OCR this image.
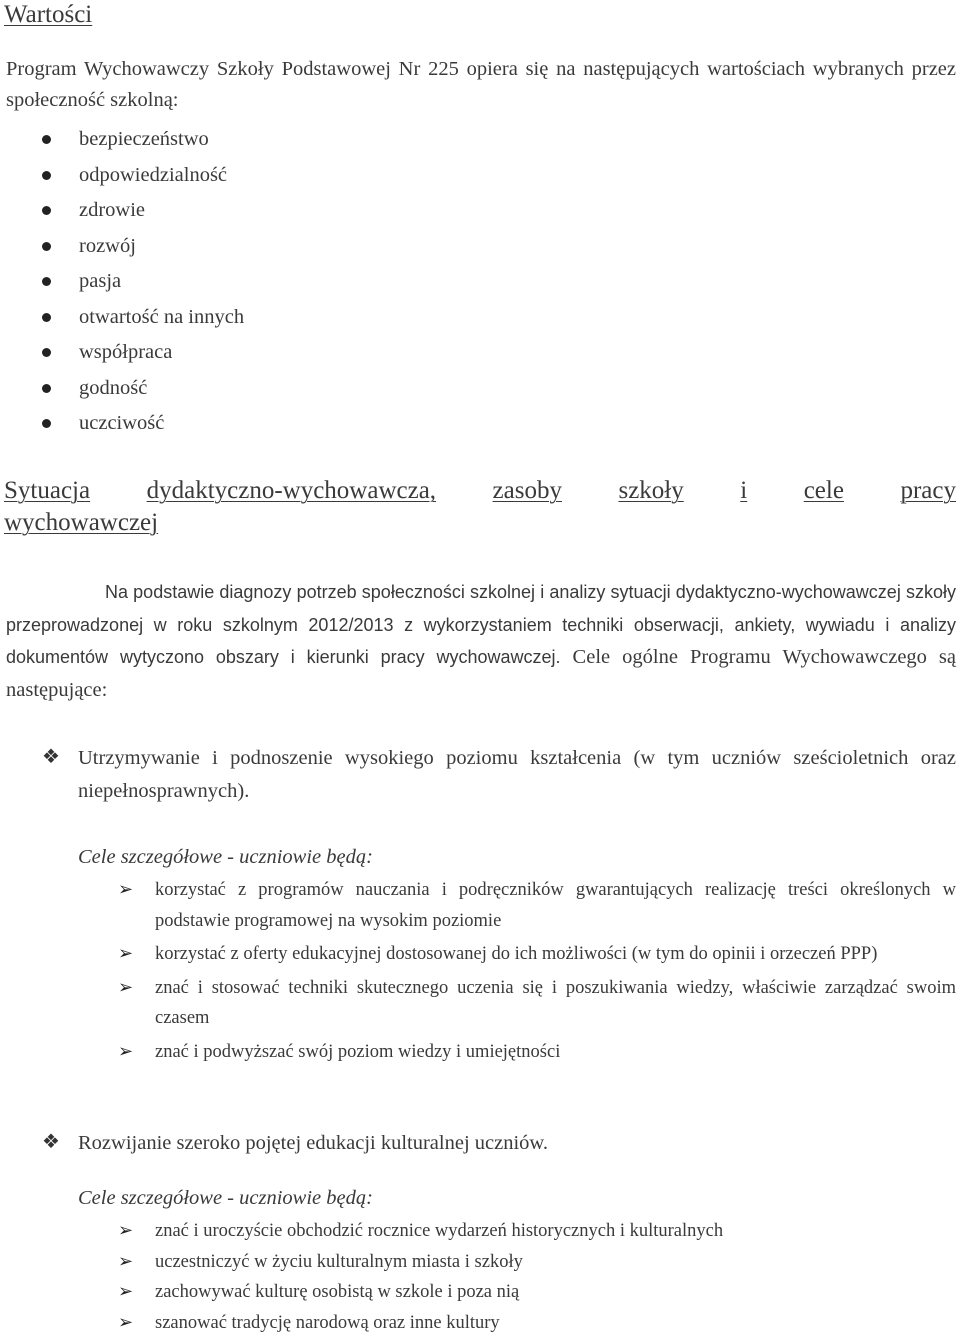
Wartości
Program Wychowawczy Szkoły Podstawowej Nr 225 opiera się na następujących wartościach wybranych przez społeczność szkolną:
bezpieczeństwo
odpowiedzialność
zdrowie
rozwój
pasja
otwartość na innych
współpraca
godność
uczciwość
Sytuacja dydaktyczno-wychowawcza, zasoby szkoły i cele pracy
wychowawczej
Na podstawie diagnozy potrzeb społeczności szkolnej i analizy sytuacji dydaktyczno-wychowawczej szkoły przeprowadzonej w roku szkolnym 2012/2013 z wykorzystaniem techniki obserwacji, ankiety, wywiadu i analizy dokumentów wytyczono obszary i kierunki pracy wychowawczej. Cele ogólne Programu Wychowawczego są następujące:
❖ Utrzymywanie i podnoszenie wysokiego poziomu kształcenia (w tym uczniów sześcioletnich oraz niepełnosprawnych).
Cele szczegółowe - uczniowie będą:
➢ korzystać z programów nauczania i podręczników gwarantujących realizację treści określonych w podstawie programowej na wysokim poziomie
➢ korzystać z oferty edukacyjnej dostosowanej do ich możliwości (w tym do opinii i orzeczeń PPP)
➢ znać i stosować techniki skutecznego uczenia się i poszukiwania wiedzy, właściwie zarządzać swoim czasem
➢ znać i podwyższać swój poziom wiedzy i umiejętności
❖ Rozwijanie szeroko pojętej edukacji kulturalnej uczniów.
Cele szczegółowe - uczniowie będą:
➢ znać i uroczyście obchodzić rocznice wydarzeń historycznych i kulturalnych
➢ uczestniczyć w życiu kulturalnym miasta i szkoły
➢ zachowywać kulturę osobistą w szkole i poza nią
➢ szanować tradycję narodową oraz inne kultury
